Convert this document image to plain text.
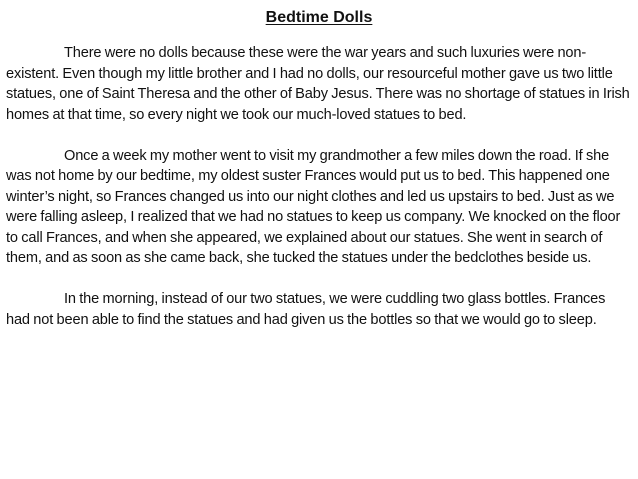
Bedtime Dolls

There were no dolls because these were the war years and such luxuries were non-existent. Even though my little brother and I had no dolls, our resourceful mother gave us two little statues, one of Saint Theresa and the other of Baby Jesus. There was no shortage of statues in Irish homes at that time, so every night we took our much-loved statues to bed.

Once a week my mother went to visit my grandmother a few miles down the road. If she was not home by our bedtime, my oldest suster Frances would put us to bed. This happened one winter’s night, so Frances changed us into our night clothes and led us upstairs to bed. Just as we were falling asleep, I realized that we had no statues to keep us company. We knocked on the floor to call Frances, and when she appeared, we explained about our statues. She went in search of them, and as soon as she came back, she tucked the statues under the bedclothes beside us.

In the morning, instead of our two statues, we were cuddling two glass bottles. Frances had not been able to find the statues and had given us the bottles so that we would go to sleep.
